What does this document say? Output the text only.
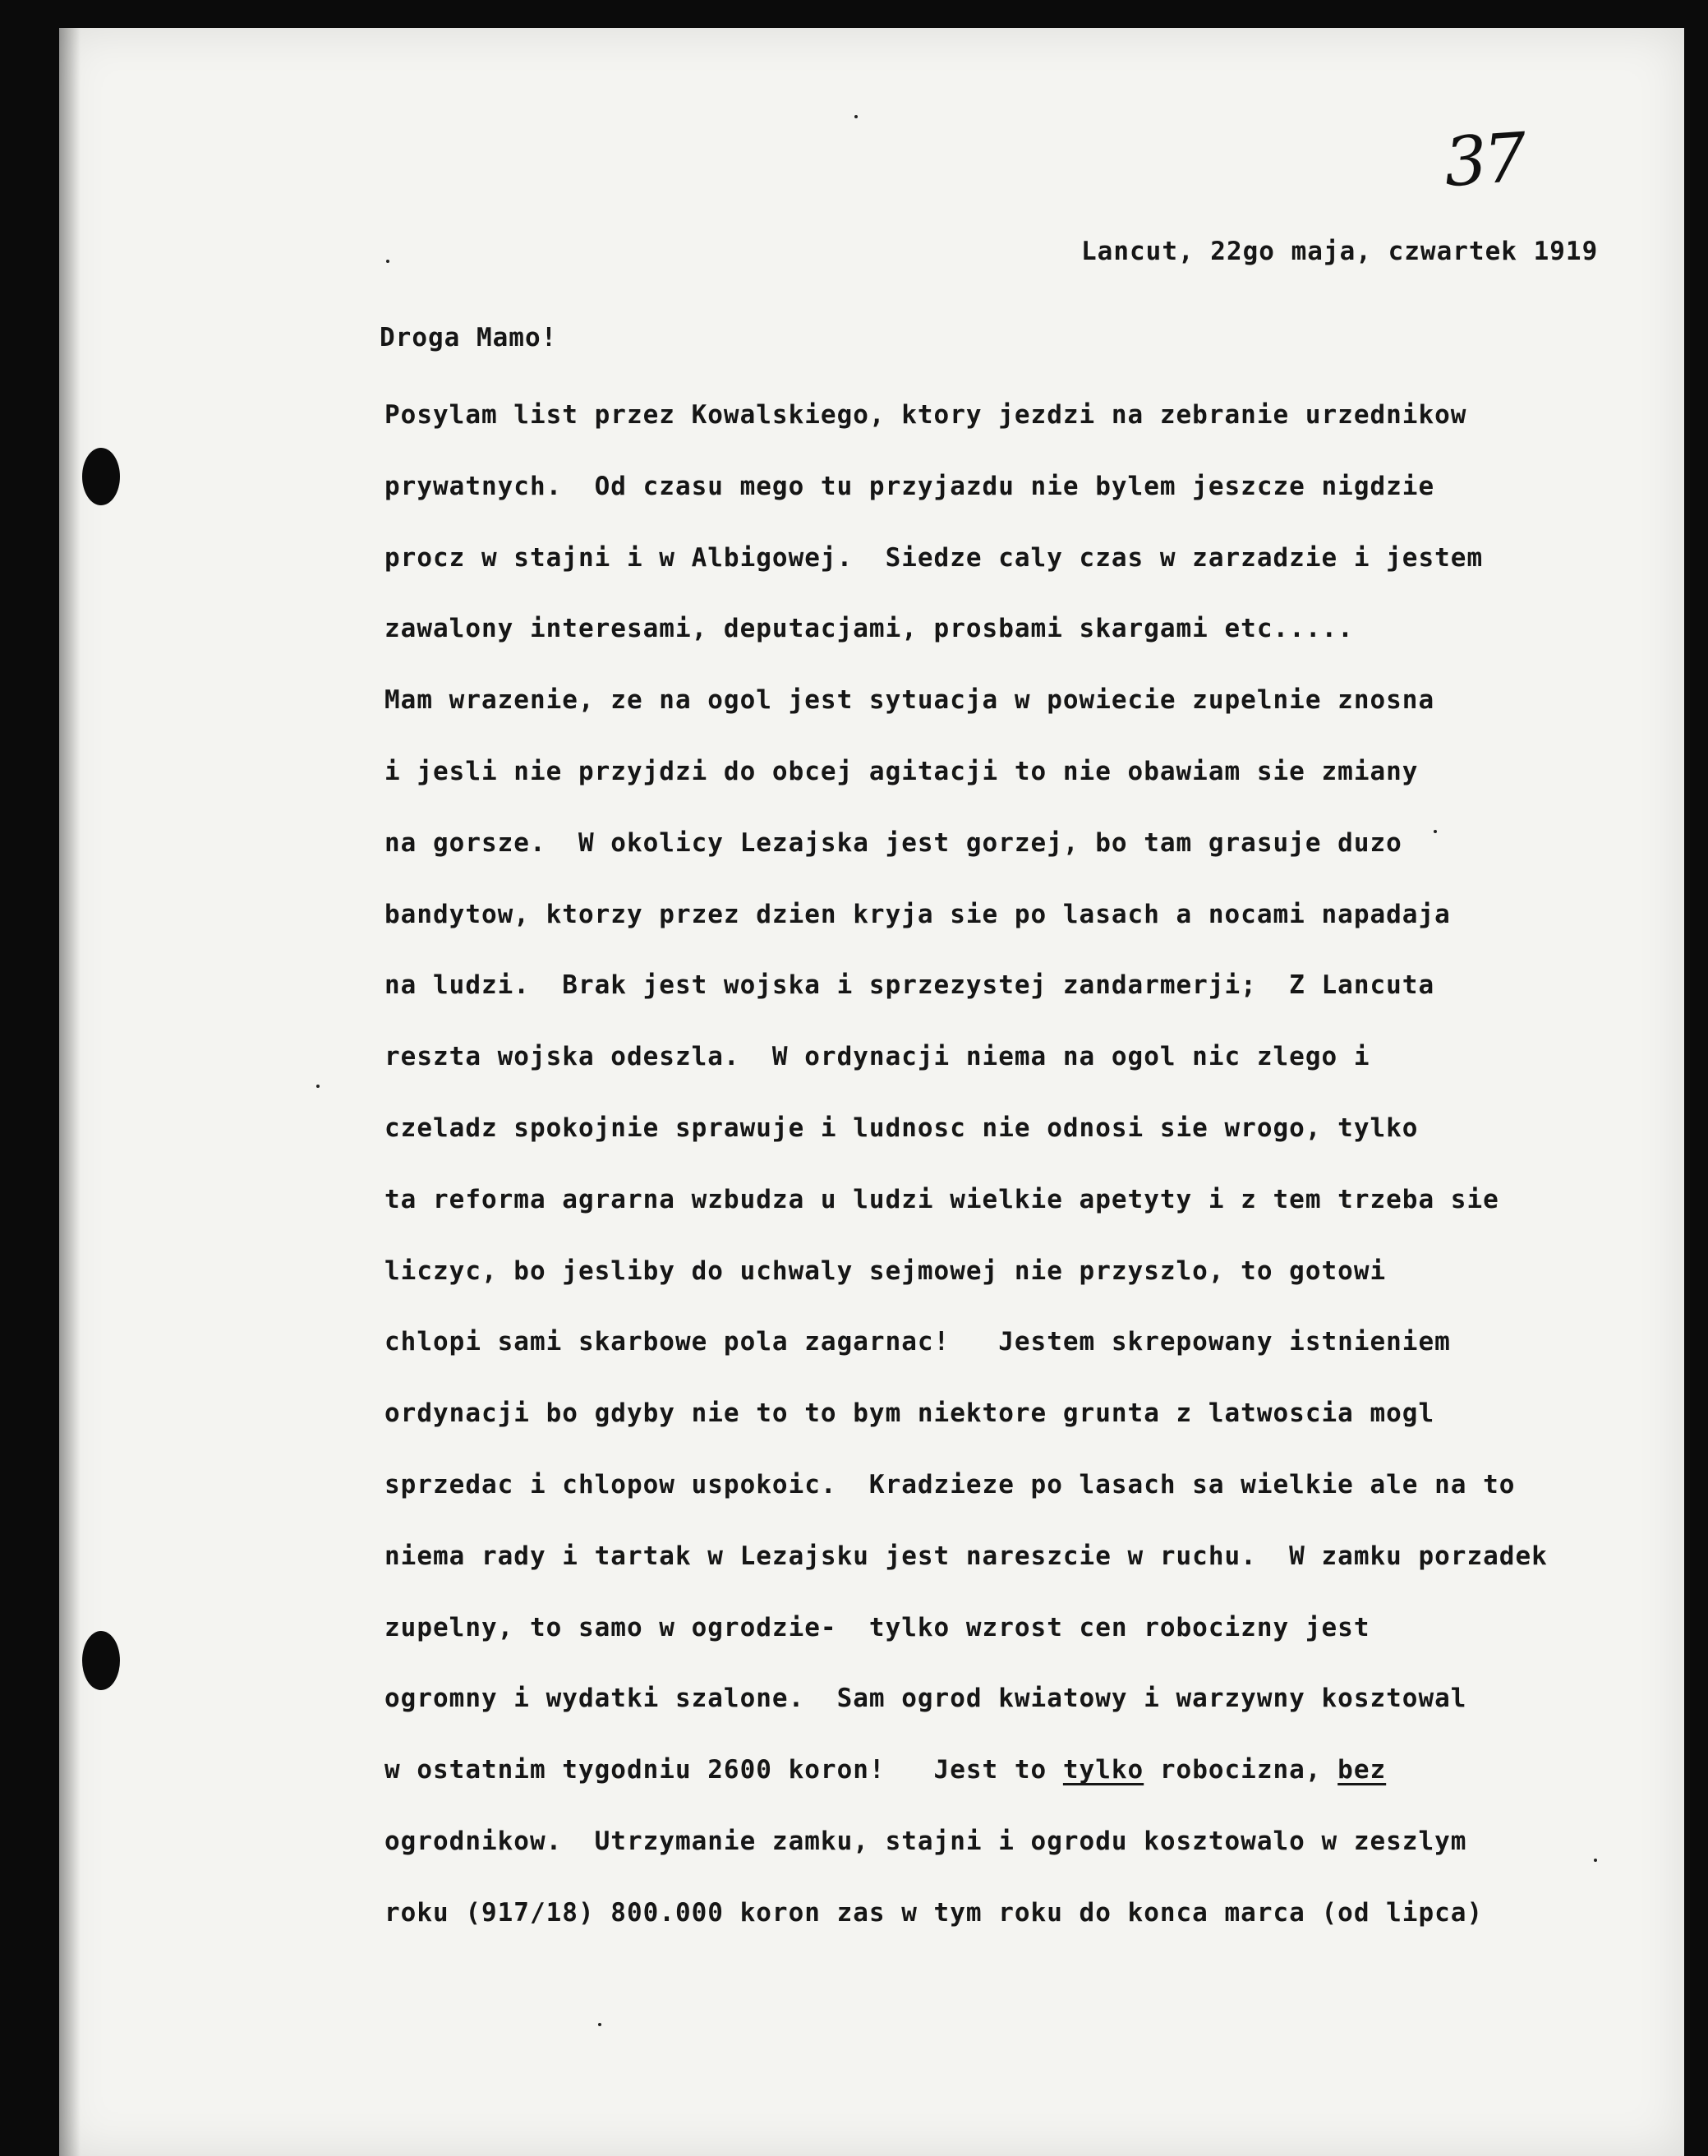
37
Lancut, 22go maja, czwartek 1919
Droga Mamo!
Posylam list przez Kowalskiego, ktory jezdzi na zebranie urzednikow
prywatnych.  Od czasu mego tu przyjazdu nie bylem jeszcze nigdzie
procz w stajni i w Albigowej.  Siedze caly czas w zarzadzie i jestem
zawalony interesami, deputacjami, prosbami skargami etc.....
Mam wrazenie, ze na ogol jest sytuacja w powiecie zupelnie znosna
i jesli nie przyjdzi do obcej agitacji to nie obawiam sie zmiany
na gorsze.  W okolicy Lezajska jest gorzej, bo tam grasuje duzo
bandytow, ktorzy przez dzien kryja sie po lasach a nocami napadaja
na ludzi.  Brak jest wojska i sprzezystej zandarmerji;  Z Lancuta
reszta wojska odeszla.  W ordynacji niema na ogol nic zlego i
czeladz spokojnie sprawuje i ludnosc nie odnosi sie wrogo, tylko
ta reforma agrarna wzbudza u ludzi wielkie apetyty i z tem trzeba sie
liczyc, bo jesliby do uchwaly sejmowej nie przyszlo, to gotowi
chlopi sami skarbowe pola zagarnac!   Jestem skrepowany istnieniem
ordynacji bo gdyby nie to to bym niektore grunta z latwoscia mogl
sprzedac i chlopow uspokoic.  Kradzieze po lasach sa wielkie ale na to
niema rady i tartak w Lezajsku jest nareszcie w ruchu.  W zamku porzadek
zupelny, to samo w ogrodzie-  tylko wzrost cen robocizny jest
ogromny i wydatki szalone.  Sam ogrod kwiatowy i warzywny kosztowal
w ostatnim tygodniu 2600 koron!   Jest to tylko robocizna, bez
ogrodnikow.  Utrzymanie zamku, stajni i ogrodu kosztowalo w zeszlym
roku (917/18) 800.000 koron zas w tym roku do konca marca (od lipca)
